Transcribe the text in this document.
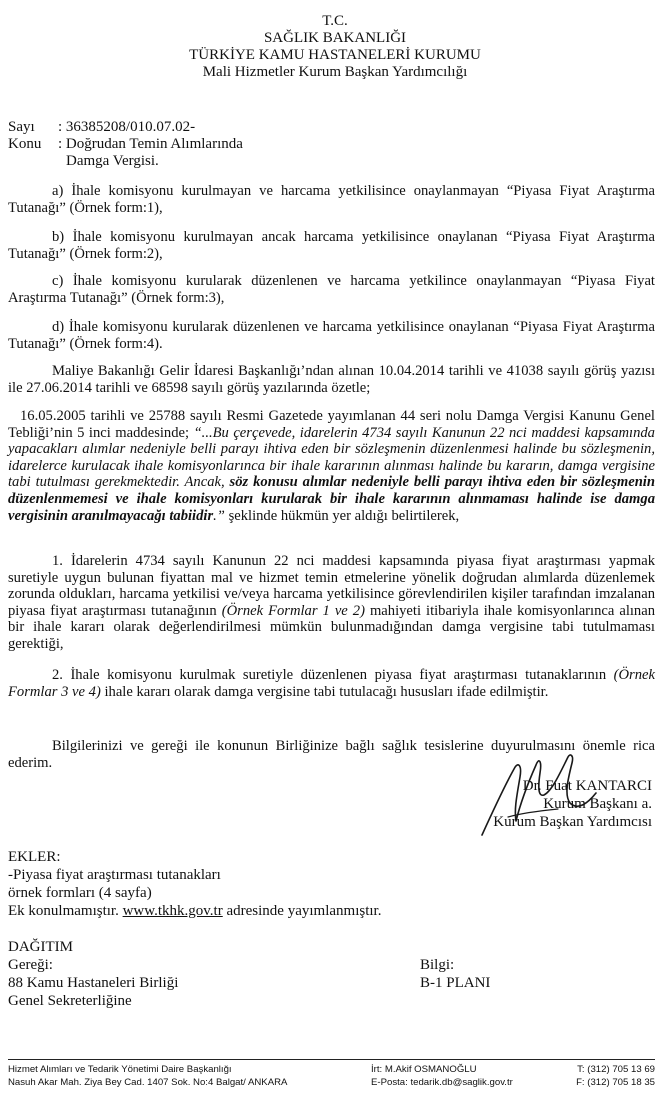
T.C.
SAĞLIK BAKANLIĞI
TÜRKİYE KAMU HASTANELERİ KURUMU
Mali Hizmetler Kurum Başkan Yardımcılığı
Sayı : 36385208/010.07.02-
Konu : Doğrudan Temin Alımlarında
Damga Vergisi.
a) İhale komisyonu kurulmayan ve harcama yetkilisince onaylanmayan “Piyasa Fiyat Araştırma Tutanağı” (Örnek form:1),
b) İhale komisyonu kurulmayan ancak harcama yetkilisince onaylanan “Piyasa Fiyat Araştırma Tutanağı” (Örnek form:2),
c) İhale komisyonu kurularak düzenlenen ve harcama yetkilince onaylanmayan “Piyasa Fiyat Araştırma Tutanağı” (Örnek form:3),
d) İhale komisyonu kurularak düzenlenen ve harcama yetkilisince onaylanan “Piyasa Fiyat Araştırma Tutanağı” (Örnek form:4).
Maliye Bakanlığı Gelir İdaresi Başkanlığı’ndan alınan 10.04.2014 tarihli ve 41038 sayılı görüş yazısı ile 27.06.2014 tarihli ve 68598 sayılı görüş yazılarında özetle;
16.05.2005 tarihli ve 25788 sayılı Resmi Gazetede yayımlanan 44 seri nolu Damga Vergisi Kanunu Genel Tebliği’nin 5 inci maddesinde; “...Bu çerçevede, idarelerin 4734 sayılı Kanunun 22 nci maddesi kapsamında yapacakları alımlar nedeniyle belli parayı ihtiva eden bir sözleşmenin düzenlenmesi halinde bu sözleşmenin, idarelerce kurulacak ihale komisyonlarınca bir ihale kararının alınması halinde bu kararın, damga vergisine tabi tutulması gerekmektedir. Ancak, söz konusu alımlar nedeniyle belli parayı ihtiva eden bir sözleşmenin düzenlenmemesi ve ihale komisyonları kurularak bir ihale kararının alınmaması halinde ise damga vergisinin aranılmayacağı tabiidir.” şeklinde hükmün yer aldığı belirtilerek,
1. İdarelerin 4734 sayılı Kanunun 22 nci maddesi kapsamında piyasa fiyat araştırması yapmak suretiyle uygun bulunan fiyattan mal ve hizmet temin etmelerine yönelik doğrudan alımlarda düzenlemek zorunda oldukları, harcama yetkilisi ve/veya harcama yetkilisince görevlendirilen kişiler tarafından imzalanan piyasa fiyat araştırması tutanağının (Örnek Formlar 1 ve 2) mahiyeti itibariyla ihale komisyonlarınca alınan bir ihale kararı olarak değerlendirilmesi mümkün bulunmadığından damga vergisine tabi tutulmaması gerektiği,
2. İhale komisyonu kurulmak suretiyle düzenlenen piyasa fiyat araştırması tutanaklarının (Örnek Formlar 3 ve 4) ihale kararı olarak damga vergisine tabi tutulacağı hususları ifade edilmiştir.
Bilgilerinizi ve gereği ile konunun Birliğinize bağlı sağlık tesislerine duyurulmasını önemle rica ederim.
Dr. Fuat KANTARCI
Kurum Başkanı a.
Kurum Başkan Yardımcısı
EKLER:
-Piyasa fiyat araştırması tutanakları
örnek formları (4 sayfa)
Ek konulmamıştır. www.tkhk.gov.tr adresinde yayımlanmıştır.
DAĞITIM
Gereği:
88 Kamu Hastaneleri Birliği
Genel Sekreterliğine
Bilgi:
B-1 PLANI
Hizmet Alımları ve Tedarik Yönetimi Daire Başkanlığı
Nasuh Akar Mah. Ziya Bey Cad. 1407 Sok. No:4 Balgat/ ANKARA
İrt: M.Akif OSMANOĞLU
E-Posta: tedarik.db@saglik.gov.tr
T: (312) 705 13 69
F: (312) 705 18 35
